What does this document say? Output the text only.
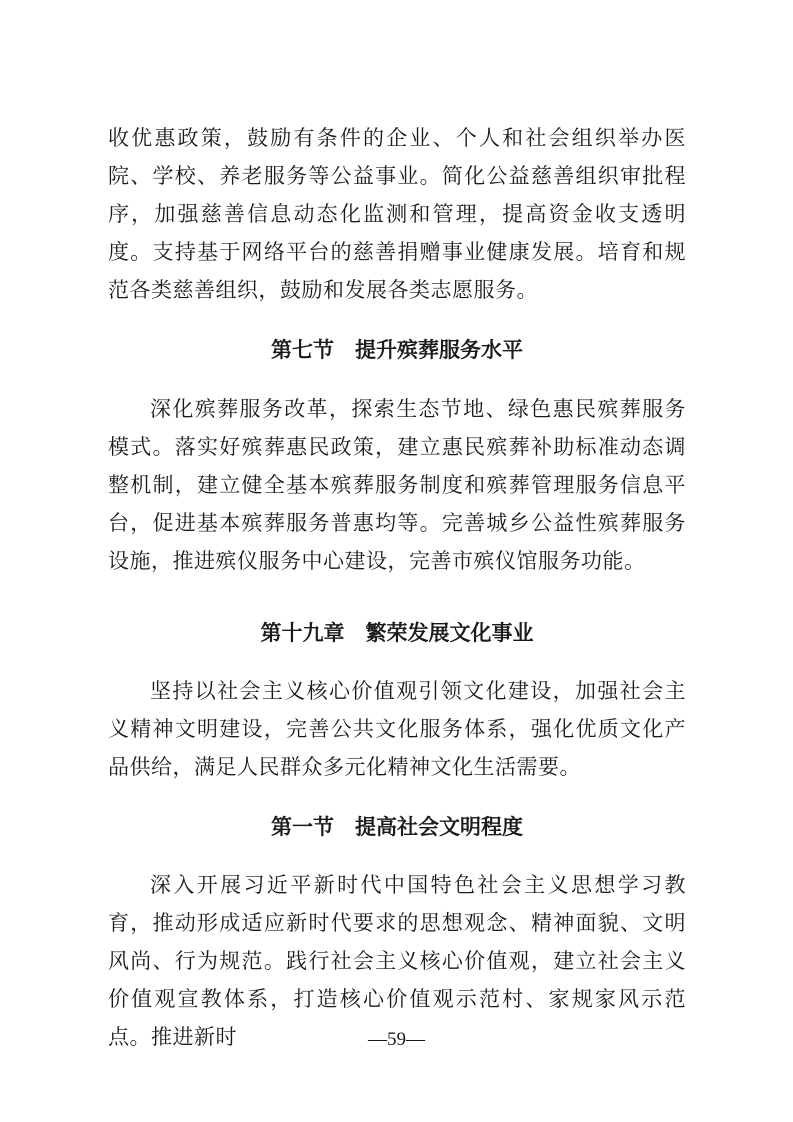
收优惠政策，鼓励有条件的企业、个人和社会组织举办医院、学校、养老服务等公益事业。简化公益慈善组织审批程序，加强慈善信息动态化监测和管理，提高资金收支透明度。支持基于网络平台的慈善捐赠事业健康发展。培育和规范各类慈善组织，鼓励和发展各类志愿服务。

第七节　提升殡葬服务水平

深化殡葬服务改革，探索生态节地、绿色惠民殡葬服务模式。落实好殡葬惠民政策，建立惠民殡葬补助标准动态调整机制，建立健全基本殡葬服务制度和殡葬管理服务信息平台，促进基本殡葬服务普惠均等。完善城乡公益性殡葬服务设施，推进殡仪服务中心建设，完善市殡仪馆服务功能。

第十九章　繁荣发展文化事业

坚持以社会主义核心价值观引领文化建设，加强社会主义精神文明建设，完善公共文化服务体系，强化优质文化产品供给，满足人民群众多元化精神文化生活需要。

第一节　提高社会文明程度

深入开展习近平新时代中国特色社会主义思想学习教育，推动形成适应新时代要求的思想观念、精神面貌、文明风尚、行为规范。践行社会主义核心价值观，建立社会主义价值观宣教体系，打造核心价值观示范村、家规家风示范点。推进新时	—59—
